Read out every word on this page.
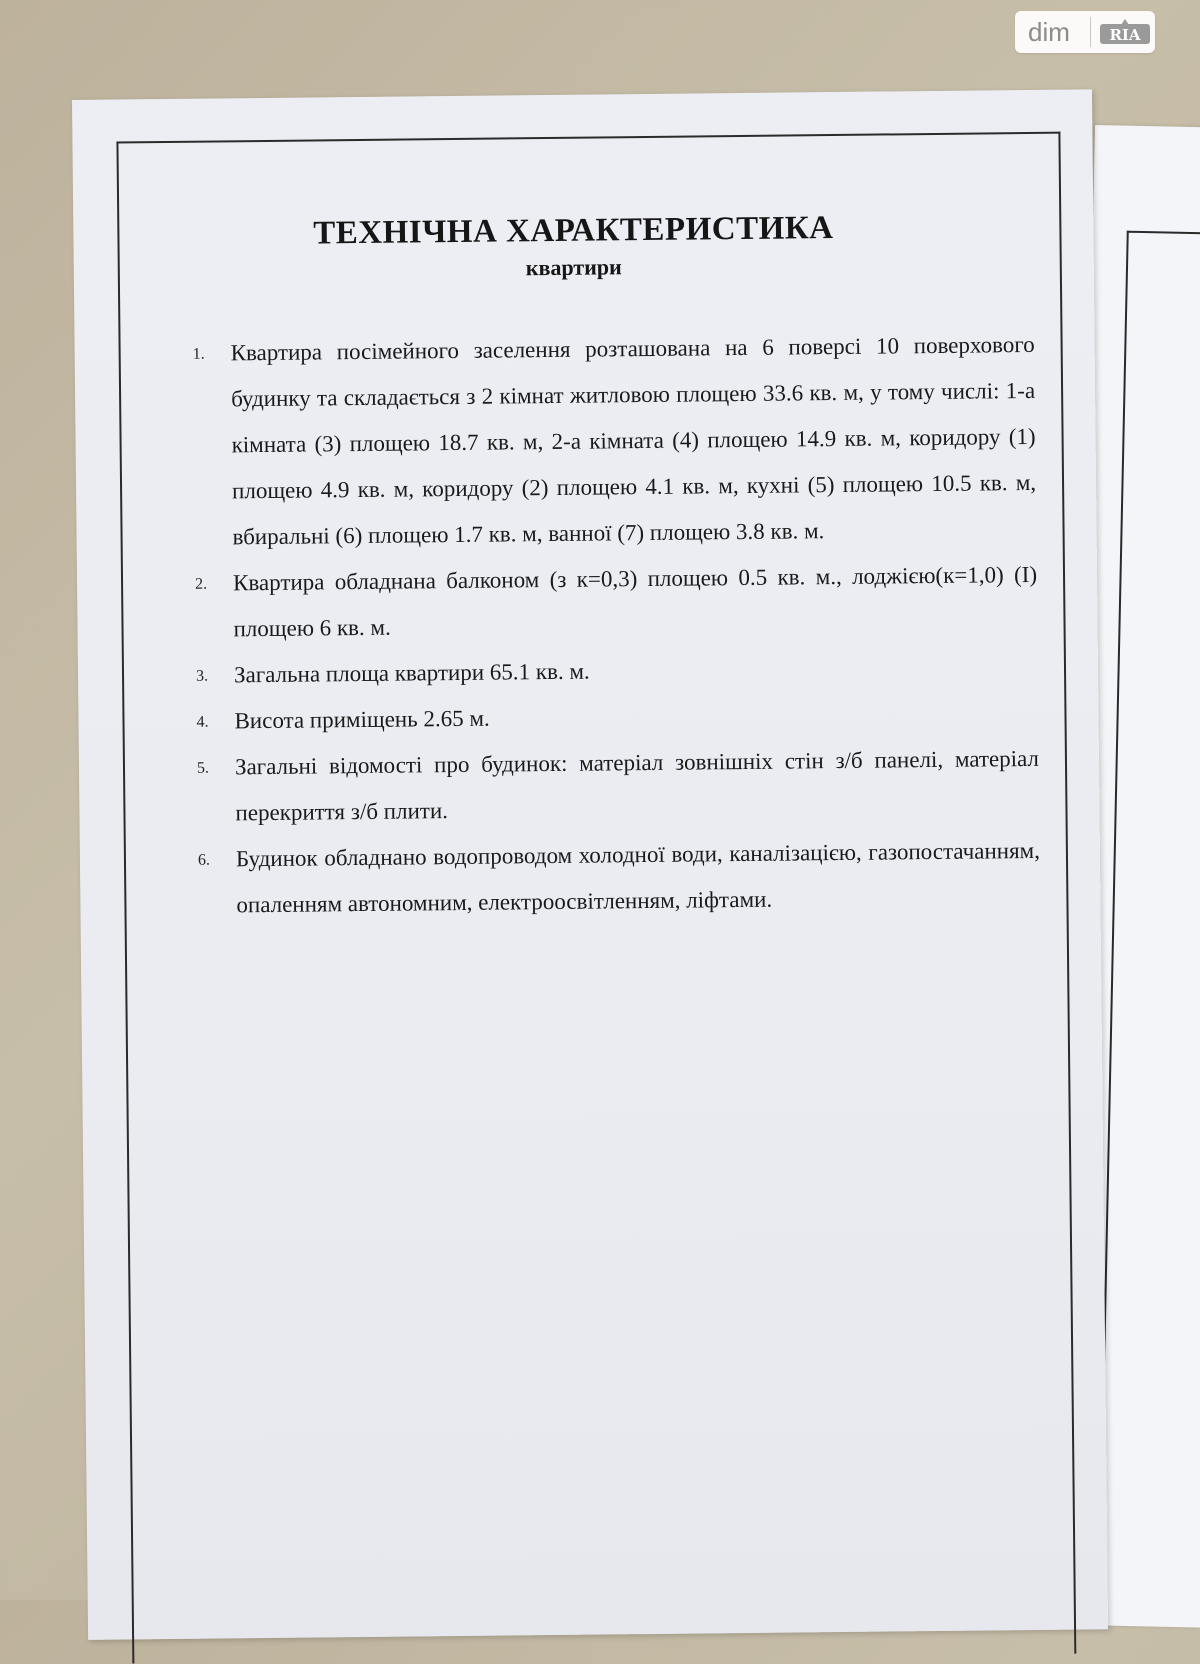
ТЕХНІЧНА ХАРАКТЕРИСТИКА
квартири
1. Квартира посімейного заселення розташована на 6 поверсі 10 поверхового будинку та складається з 2 кімнат житловою площею 33.6 кв. м, у тому числі: 1-а кімната (3) площею 18.7 кв. м, 2-а кімната (4) площею 14.9 кв. м, коридору (1) площею 4.9 кв. м, коридору (2) площею 4.1 кв. м, кухні (5) площею 10.5 кв. м, вбиральні (6) площею 1.7 кв. м, ванної (7) площею 3.8 кв. м.
2. Квартира обладнана балконом (з к=0,3) площею 0.5 кв. м., лоджією(к=1,0) (І) площею 6 кв. м.
3. Загальна площа квартири 65.1 кв. м.
4. Висота приміщень 2.65 м.
5. Загальні відомості про будинок: матеріал зовнішніх стін з/б панелі, матеріал перекриття з/б плити.
6. Будинок обладнано водопроводом холодної води, каналізацією, газопостачанням, опаленням автономним, електроосвітленням, ліфтами.
dim	RIA
